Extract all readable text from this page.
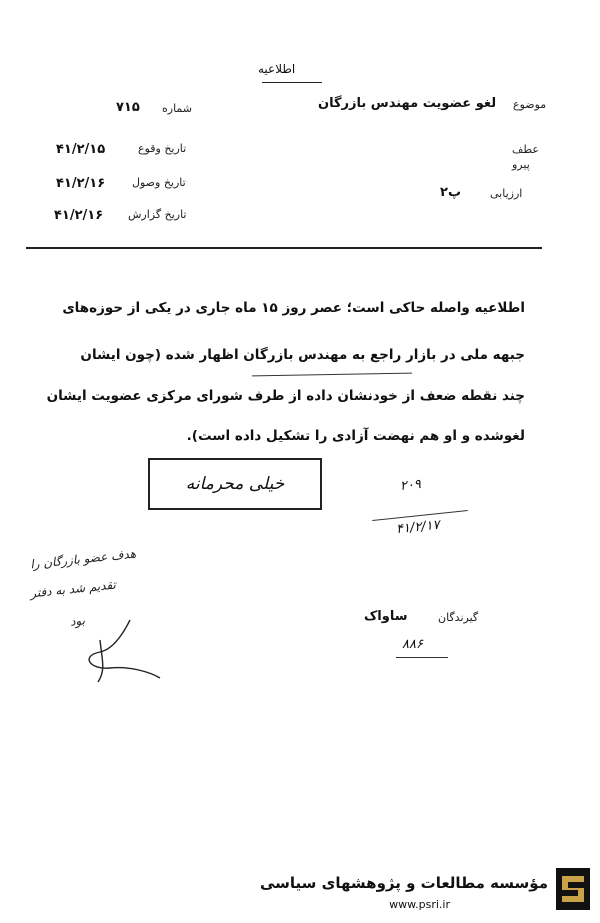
اطلاعیه
موضوع
لغو عضویت مهندس بازرگان
عطف
پیرو
ارزیابی
پ۲
شماره
۷۱۵
تاریخ وقوع
۴۱/۲/۱۵
تاریخ وصول
۴۱/۲/۱۶
تاریخ گزارش
۴۱/۲/۱۶
اطلاعیه واصله حاکی است؛ عصر روز ۱۵ ماه جاری در یکی از حوزه‌های
جبهه ملی در بازار راجع به مهندس بازرگان اظهار شده (چون ایشان
چند نقطه ضعف از خودنشان داده از طرف شورای مرکزی عضویت ایشان
لغوشده و او هم نهضت آزادی را تشکیل داده است).
خیلی محرمانه	۲۰۹
۴۱/۲/۱۷
هدف عضو بازرگان را
تقدیم شد به دفتر
بود	گیرندگان
ساواک
۸۸۶
مؤسسه مطالعات و پژوهشهای سیاسی
www.psri.ir
